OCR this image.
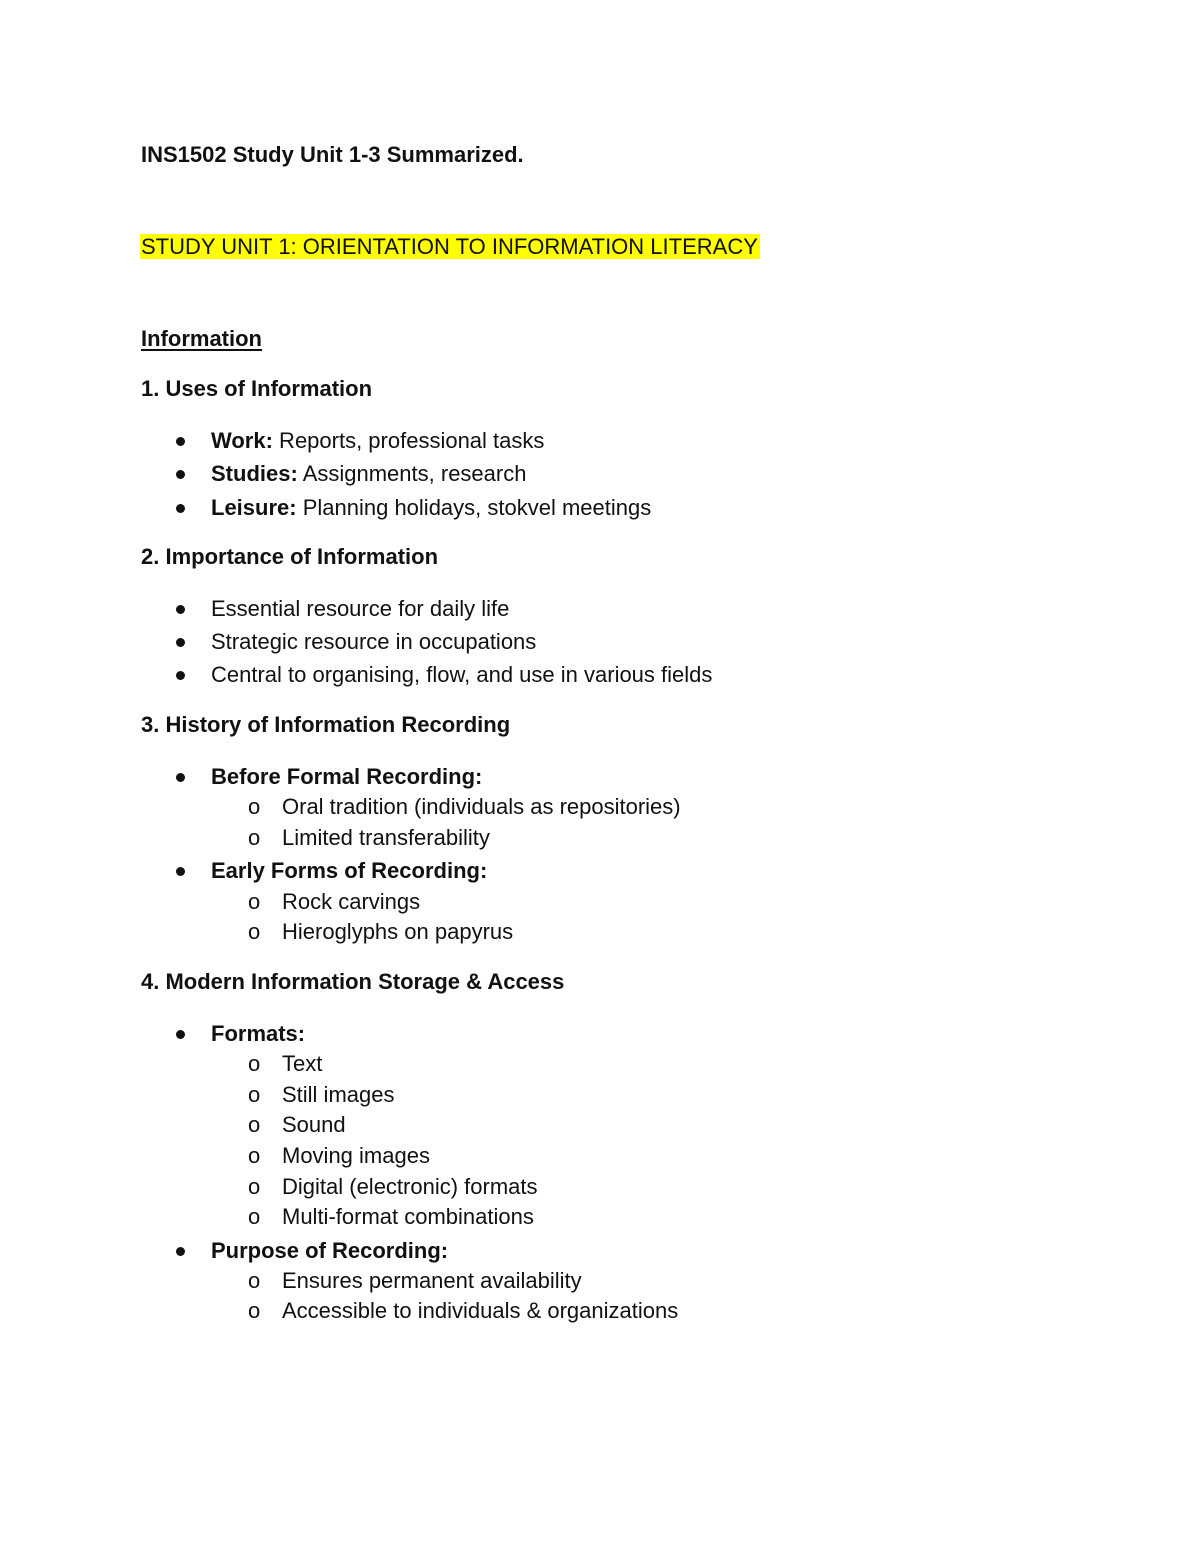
INS1502 Study Unit 1-3 Summarized.
STUDY UNIT 1: ORIENTATION TO INFORMATION LITERACY
Information
1. Uses of Information
Work: Reports, professional tasks
Studies: Assignments, research
Leisure: Planning holidays, stokvel meetings
2. Importance of Information
Essential resource for daily life
Strategic resource in occupations
Central to organising, flow, and use in various fields
3. History of Information Recording
Before Formal Recording:
o Oral tradition (individuals as repositories)
o Limited transferability
Early Forms of Recording:
o Rock carvings
o Hieroglyphs on papyrus
4. Modern Information Storage & Access
Formats:
o Text
o Still images
o Sound
o Moving images
o Digital (electronic) formats
o Multi-format combinations
Purpose of Recording:
o Ensures permanent availability
o Accessible to individuals & organizations
